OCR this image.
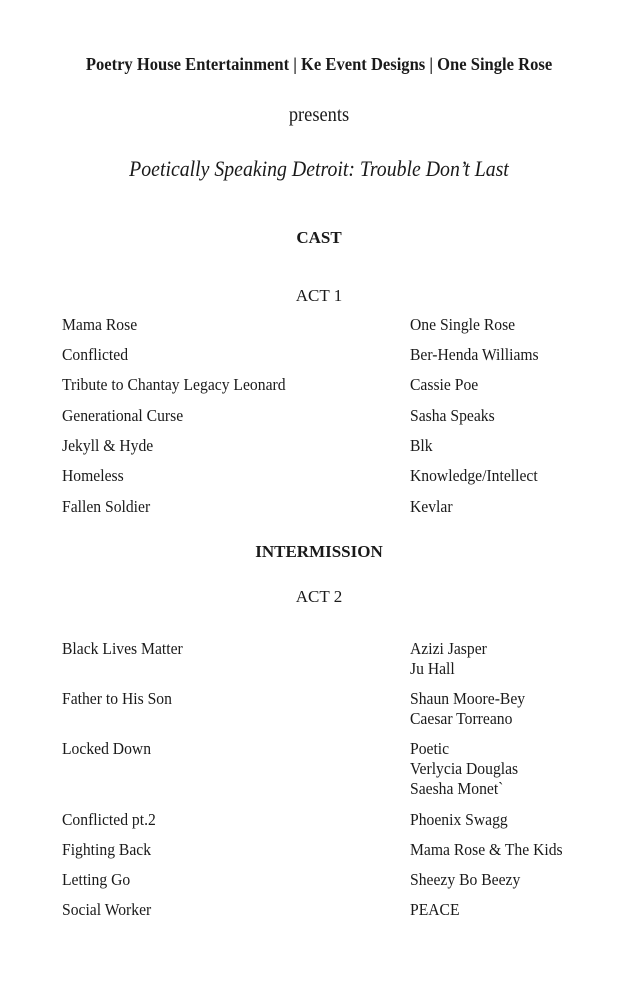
Poetry House Entertainment | Ke Event Designs | One Single Rose
presents
Poetically Speaking Detroit: Trouble Don’t Last
CAST
ACT 1
Mama Rose	One Single Rose
Conflicted	Ber-Henda Williams
Tribute to Chantay Legacy Leonard	Cassie Poe
Generational Curse	Sasha Speaks
Jekyll & Hyde	Blk
Homeless	Knowledge/Intellect
Fallen Soldier	Kevlar
INTERMISSION
ACT 2
Black Lives Matter	Azizi Jasper
Ju Hall
Father to His Son	Shaun Moore-Bey
Caesar Torreano
Locked Down	Poetic
Verlycia Douglas
Saesha Monet`
Conflicted pt.2	Phoenix Swagg
Fighting Back	Mama Rose & The Kids
Letting Go	Sheezy Bo Beezy
Social Worker	PEACE
